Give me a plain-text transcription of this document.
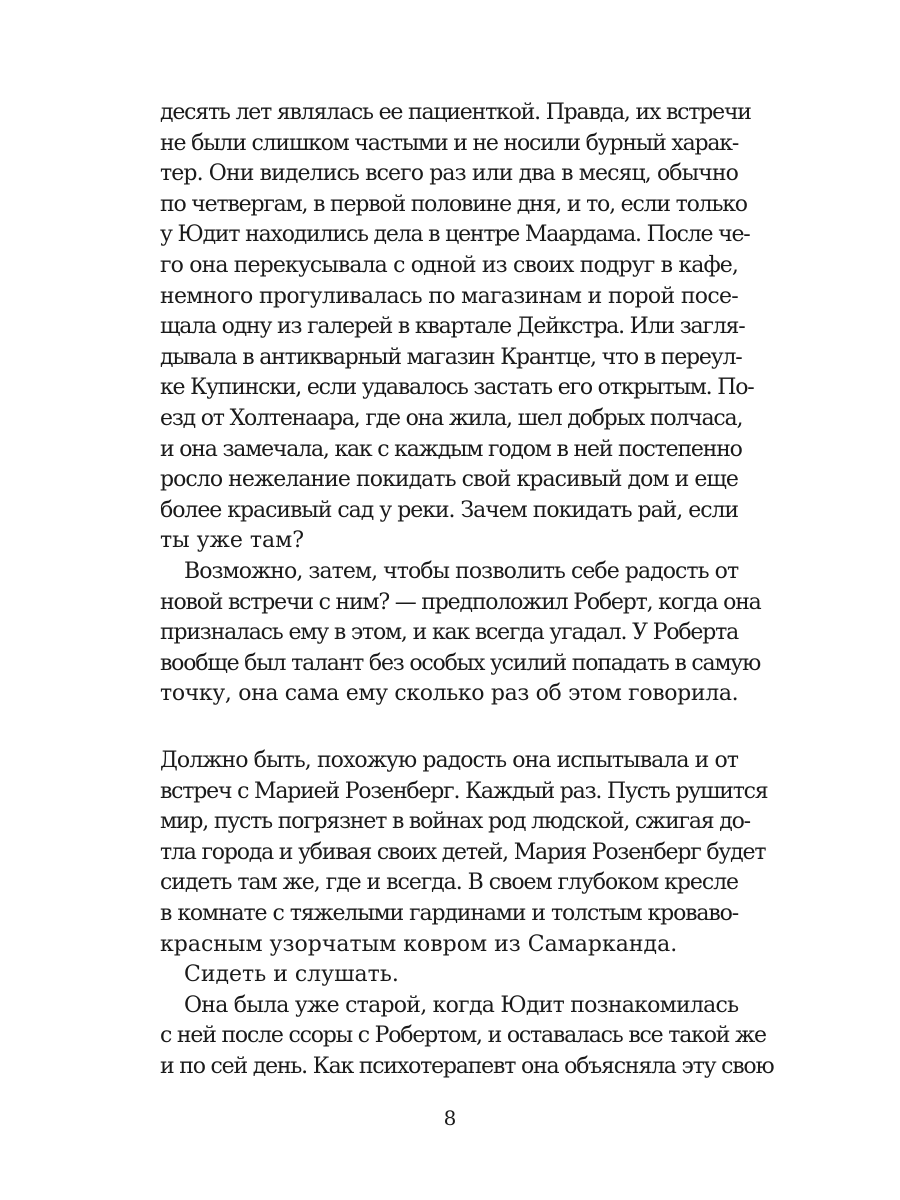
десять лет являлась ее пациенткой. Правда, их встречи
не были слишком частыми и не носили бурный харак-
тер. Они виделись всего раз или два в месяц, обычно
по четвергам, в первой половине дня, и то, если только
у Юдит находились дела в центре Маардама. После че-
го она перекусывала с одной из своих подруг в кафе,
немного прогуливалась по магазинам и порой посе-
щала одну из галерей в квартале Дейкстра. Или загля-
дывала в антикварный магазин Крантце, что в переул-
ке Купински, если удавалось застать его открытым. По-
езд от Холтенаара, где она жила, шел добрых полчаса,
и она замечала, как с каждым годом в ней постепенно
росло нежелание покидать свой красивый дом и еще
более красивый сад у реки. Зачем покидать рай, если
ты уже там?
Возможно, затем, чтобы позволить себе радость от
новой встречи с ним? — предположил Роберт, когда она
призналась ему в этом, и как всегда угадал. У Роберта
вообще был талант без особых усилий попадать в самую
точку, она сама ему сколько раз об этом говорила.
Должно быть, похожую радость она испытывала и от
встреч с Марией Розенберг. Каждый раз. Пусть рушится
мир, пусть погрязнет в войнах род людской, сжигая до-
тла города и убивая своих детей, Мария Розенберг будет
сидеть там же, где и всегда. В своем глубоком кресле
в комнате с тяжелыми гардинами и толстым кроваво-
красным узорчатым ковром из Самарканда.
Сидеть и слушать.
Она была уже старой, когда Юдит познакомилась
с ней после ссоры с Робертом, и оставалась все такой же
и по сей день. Как психотерапевт она объясняла эту свою
8
